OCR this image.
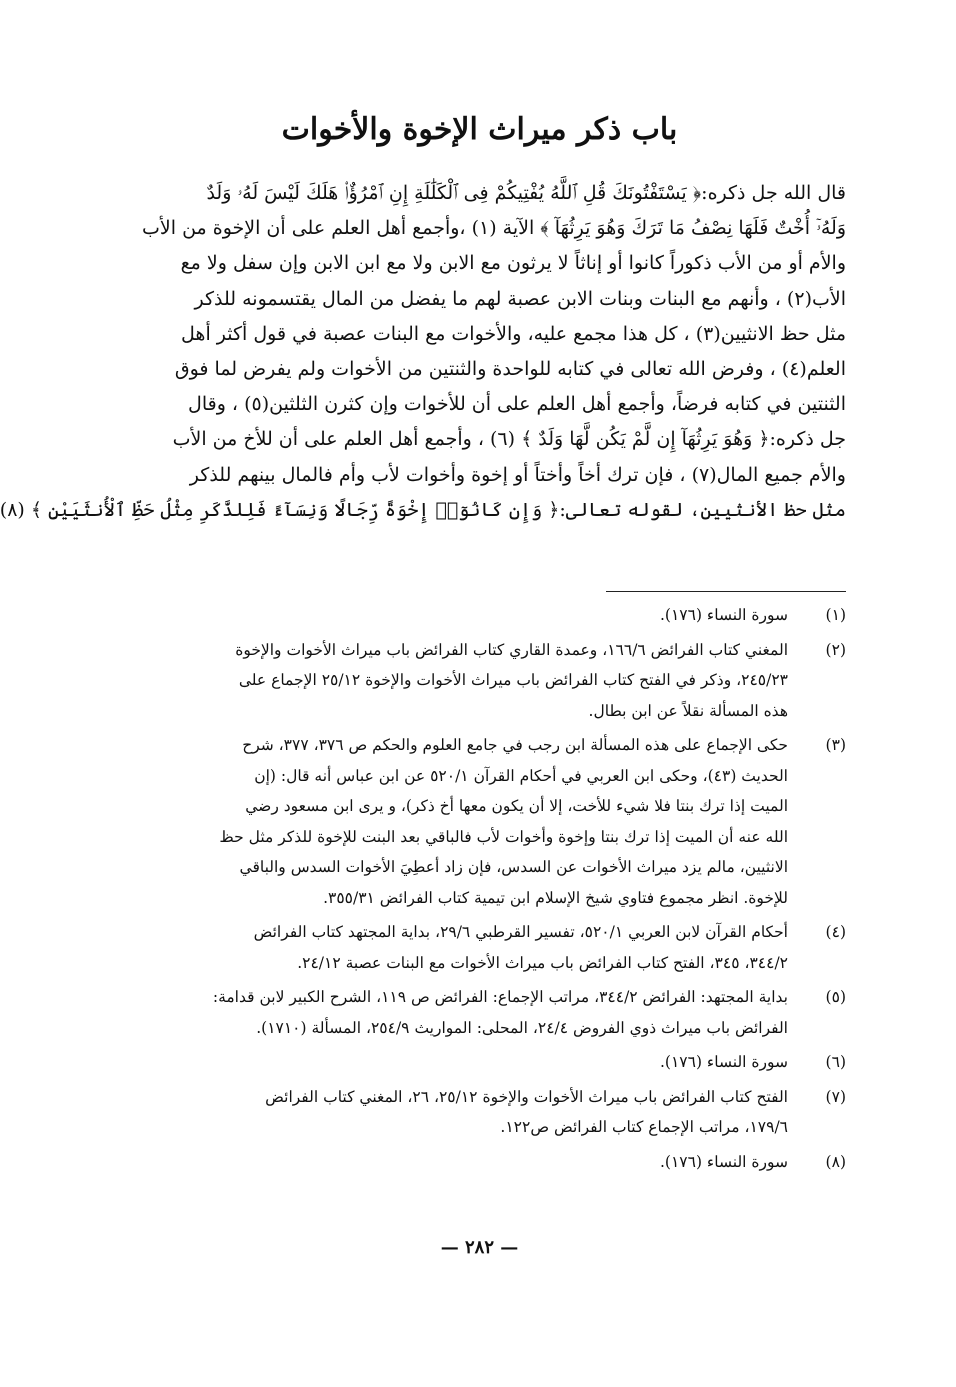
باب ذكر ميراث الإخوة والأخوات
قال الله جل ذكره:﴿ يَسْتَفْتُونَكَ قُلِ ٱللَّهُ يُفْتِيكُمْ فِى ٱلْكَلَٰلَةِ إِنِ ٱمْرُؤٌا۟ هَلَكَ لَيْسَ لَهُۥ وَلَدٌ
وَلَهُۥٓ أُخْتٌ فَلَهَا نِصْفُ مَا تَرَكَ وَهُوَ يَرِثُهَآ ﴾ الآية (١) ،وأجمع أهل العلم على أن الإخوة من الأب
والأم أو من الأب ذكوراً كانوا أو إناثاً لا يرثون مع الابن ولا مع ابن الابن وإن سفل ولا مع
الأب(٢) ، وأنهم مع البنات وبنات الابن عصبة لهم ما يفضل من المال يقتسمونه للذكر
مثل حظ الانثيين(٣) ، كل هذا مجمع عليه، والأخوات مع البنات عصبة في قول أكثر أهل
العلم(٤) ، وفرض الله تعالى في كتابه للواحدة والثنتين من الأخوات ولم يفرض لما فوق
الثنتين في كتابه فرضاً، وأجمع أهل العلم على أن للأخوات وإن كثرن الثلثين(٥) ، وقال
جل ذكره:﴿ وَهُوَ يَرِثُهَآ إِن لَّمْ يَكُن لَّهَا وَلَدٌ ﴾ (٦) ، وأجمع أهل العلم على أن للأخ من الأب
والأم جميع المال(٧) ، فإن ترك أخاً وأختاً أو إخوة وأخوات لأب وأم فالمال بينهم للذكر
مثل حظ الأنثيين، لقوله تعالى:﴿ وَإِن كَانُوٓا۟ إِخْوَةً رِّجَالًا وَنِسَآءً فَلِلذَّكَرِ مِثْلُ حَظِّ ٱلْأُنثَيَيْنِ ﴾ (٨)
(١)
سورة النساء (١٧٦).
(٢)
المغني كتاب الفرائض ١٦٦/٦، وعمدة القاري كتاب الفرائض باب ميراث الأخوات والإخوة
٢٤٥/٢٣، وذكر في الفتح كتاب الفرائض باب ميراث الأخوات والإخوة ٢٥/١٢ الإجماع على
هذه المسألة نقلاً عن ابن بطال.
(٣)
حكى الإجماع على هذه المسألة ابن رجب في جامع العلوم والحكم ص ٣٧٦، ٣٧٧، شرح
الحديث (٤٣)، وحكى ابن العربي في أحكام القرآن ٥٢٠/١ عن ابن عباس أنه قال: (إن
الميت إذا ترك بنتا فلا شيء للأخت، إلا أن يكون معها أخ ذكر)، و يرى ابن مسعود رضي
الله عنه أن الميت إذا ترك بنتا وإخوة وأخوات لأب فالباقي بعد البنت للإخوة للذكر مثل حظ
الانثيين، مالم يزد ميراث الأخوات عن السدس، فإن زاد أعطِيَ الأخوات السدس والباقي
للإخوة. انظر مجموع فتاوي شيخ الإسلام ابن تيمية كتاب الفرائض ٣٥٥/٣١.
(٤)
أحكام القرآن لابن العربي ٥٢٠/١، تفسير القرطبي ٢٩/٦، بداية المجتهد كتاب الفرائض
٣٤٤/٢، ٣٤٥، الفتح كتاب الفرائض باب ميراث الأخوات مع البنات عصبة ٢٤/١٢.
(٥)
بداية المجتهد: الفرائض ٣٤٤/٢، مراتب الإجماع: الفرائض ص ١١٩، الشرح الكبير لابن قدامة:
الفرائض باب ميراث ذوي الفروض ٢٤/٤، المحلى: المواريث ٢٥٤/٩، المسألة (١٧١٠).
(٦)
سورة النساء (١٧٦).
(٧)
الفتح كتاب الفرائض باب ميراث الأخوات والإخوة ٢٥/١٢، ٢٦، المغني كتاب الفرائض
١٧٩/٦، مراتب الإجماع كتاب الفرائض ص١٢٢.
(٨)
سورة النساء (١٧٦).
— ٢٨٢ —
